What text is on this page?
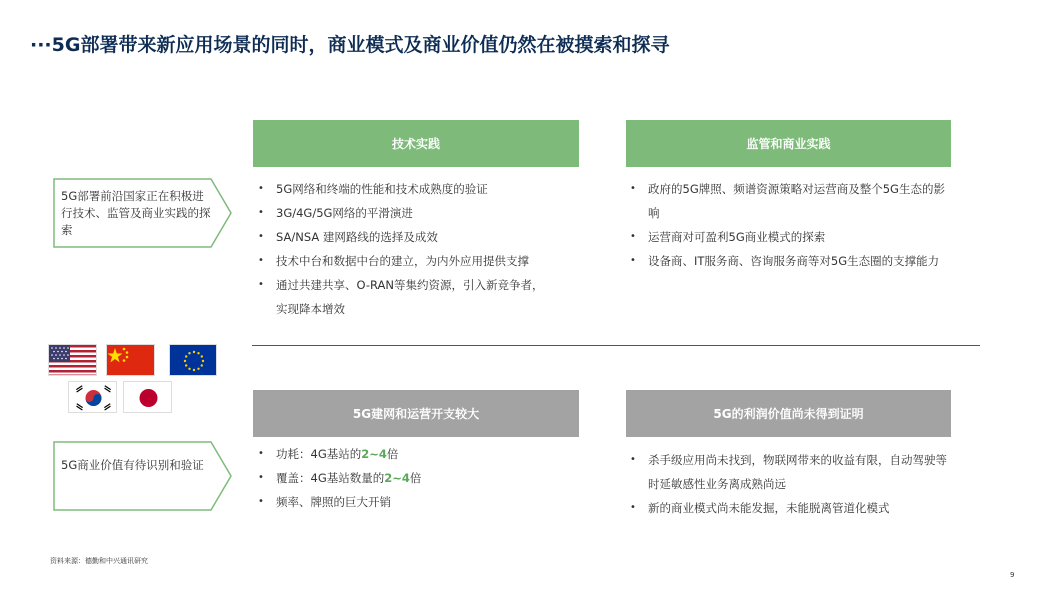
···5G部署带来新应用场景的同时，商业模式及商业价值仍然在被摸索和探寻
5G部署前沿国家正在积极进行技术、监管及商业实践的探索
5G商业价值有待识别和验证
技术实践	监管和商业实践
5G建网和运营开支较大	5G的利润价值尚未得到证明
• 5G网络和终端的性能和技术成熟度的验证
• 3G/4G/5G网络的平滑演进
• SA/NSA 建网路线的选择及成效
• 技术中台和数据中台的建立，为内外应用提供支撑
• 通过共建共享、O-RAN等集约资源，引入新竞争者，实现降本增效
• 政府的5G牌照、频谱资源策略对运营商及整个5G生态的影响
• 运营商对可盈利5G商业模式的探索
• 设备商、IT服务商、咨询服务商等对5G生态圈的支撑能力
• 功耗：4G基站的2~4倍
• 覆盖：4G基站数量的2~4倍
• 频率、牌照的巨大开销
• 杀手级应用尚未找到，物联网带来的收益有限，自动驾驶等时延敏感性业务离成熟尚远
• 新的商业模式尚未能发掘，未能脱离管道化模式
资料来源：德勤和中兴通讯研究
9
